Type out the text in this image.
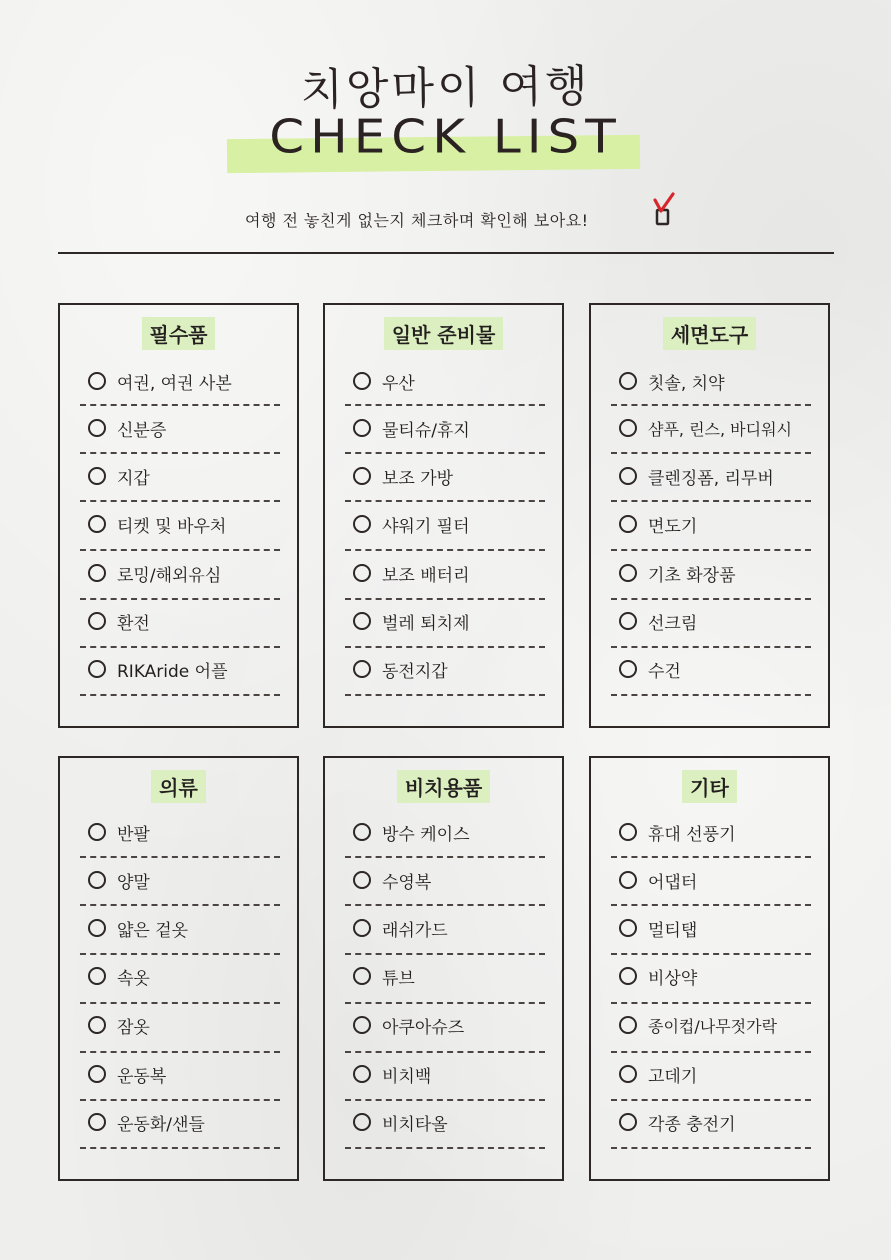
치앙마이 여행
CHECK LIST
여행 전 놓친게 없는지 체크하며 확인해 보아요!
필수품
여권, 여권 사본
신분증
지갑
티켓 및 바우처
로밍/해외유심
환전
RIKAride 어플
일반 준비물
우산
물티슈/휴지
보조 가방
샤워기 필터
보조 배터리
벌레 퇴치제
동전지갑
세면도구
칫솔, 치약
샴푸, 린스, 바디워시
클렌징폼, 리무버
면도기
기초 화장품
선크림
수건
의류
반팔
양말
얇은 겉옷
속옷
잠옷
운동복
운동화/샌들
비치용품
방수 케이스
수영복
래쉬가드
튜브
아쿠아슈즈
비치백
비치타올
기타
휴대 선풍기
어댑터
멀티탭
비상약
종이컵/나무젓가락
고데기
각종 충전기
